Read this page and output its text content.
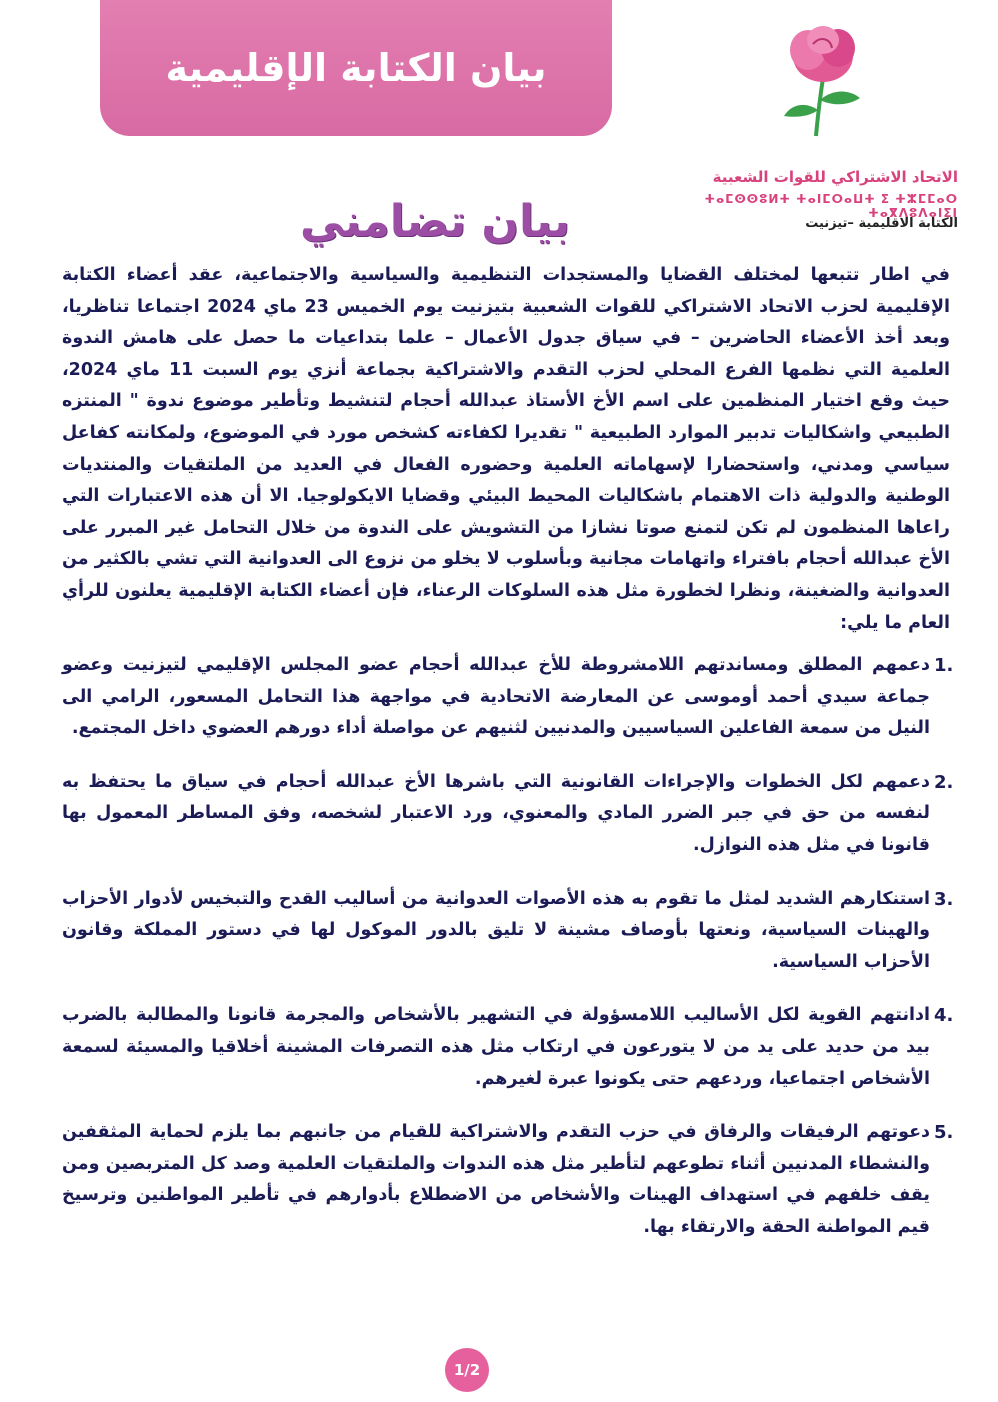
بيان الكتابة الإقليمية
الاتحاد الاشتراكي للقوات الشعبية
ⵜⴰⵎⵙⵙⵓⵍⵜ ⵜⴰⵏⵎⵔⴰⵡⵜ ⵉ ⵜⵣⵎⵎⴰⵔ ⵜⴰⴳⴷⵓⴷⴰⵏⵉⵏ
الكتابة الاقليمية –تيزنيت
بيان تضامني
في اطار تتبعها لمختلف القضايا والمستجدات التنظيمية والسياسية والاجتماعية، عقد أعضاء الكتابة الإقليمية لحزب الاتحاد الاشتراكي للقوات الشعبية بتيزنيت يوم الخميس 23 ماي 2024 اجتماعا تناظريا، وبعد أخذ الأعضاء الحاضرين – في سياق جدول الأعمال – علما بتداعيات ما حصل على هامش الندوة العلمية التي نظمها الفرع المحلي لحزب التقدم والاشتراكية بجماعة أنزي يوم السبت 11 ماي 2024، حيث وقع اختيار المنظمين على اسم الأخ الأستاذ عبدالله أحجام لتنشيط وتأطير موضوع ندوة " المنتزه الطبيعي واشكاليات تدبير الموارد الطبيعية " تقديرا لكفاءته كشخص مورد في الموضوع، ولمكانته كفاعل سياسي ومدني، واستحضارا لإسهاماته العلمية وحضوره الفعال في العديد من الملتقيات والمنتديات الوطنية والدولية ذات الاهتمام باشكاليات المحيط البيئي وقضايا الايكولوجيا. الا أن هذه الاعتبارات التي راعاها المنظمون لم تكن لتمنع صوتا نشازا من التشويش على الندوة من خلال التحامل غير المبرر على الأخ عبدالله أحجام بافتراء واتهامات مجانية وبأسلوب لا يخلو من نزوع الى العدوانية التي تشي بالكثير من العدوانية والضغينة، ونظرا لخطورة مثل هذه السلوكات الرعناء، فإن أعضاء الكتابة الإقليمية يعلنون للرأي العام ما يلي:
1.
دعمهم المطلق ومساندتهم اللامشروطة للأخ عبدالله أحجام عضو المجلس الإقليمي لتيزنيت وعضو جماعة سيدي أحمد أوموسى عن المعارضة الاتحادية في مواجهة هذا التحامل المسعور، الرامي الى النيل من سمعة الفاعلين السياسيين والمدنيين لثنيهم عن مواصلة أداء دورهم العضوي داخل المجتمع.
2.
دعمهم لكل الخطوات والإجراءات القانونية التي باشرها الأخ عبدالله أحجام في سياق ما يحتفظ به لنفسه من حق في جبر الضرر المادي والمعنوي، ورد الاعتبار لشخصه، وفق المساطر المعمول بها قانونا في مثل هذه النوازل.
3.
استنكارهم الشديد لمثل ما تقوم به هذه الأصوات العدوانية من أساليب القدح والتبخيس لأدوار الأحزاب والهينات السياسية، ونعتها بأوصاف مشينة لا تليق بالدور الموكول لها في دستور المملكة وقانون الأحزاب السياسية.
4.
ادانتهم القوية لكل الأساليب اللامسؤولة في التشهير بالأشخاص والمجرمة قانونا والمطالبة بالضرب بيد من حديد على يد من لا يتورعون في ارتكاب مثل هذه التصرفات المشينة أخلاقيا والمسيئة لسمعة الأشخاص اجتماعيا، وردعهم حتى يكونوا عبرة لغيرهم.
5.
دعوتهم الرفيقات والرفاق في حزب التقدم والاشتراكية للقيام من جانبهم بما يلزم لحماية المثقفين والنشطاء المدنيين أثناء تطوعهم لتأطير مثل هذه الندوات والملتقيات العلمية وصد كل المتربصين ومن يقف خلفهم في استهداف الهينات والأشخاص من الاضطلاع بأدوارهم في تأطير المواطنين وترسيخ قيم المواطنة الحقة والارتقاء بها.
1/2
